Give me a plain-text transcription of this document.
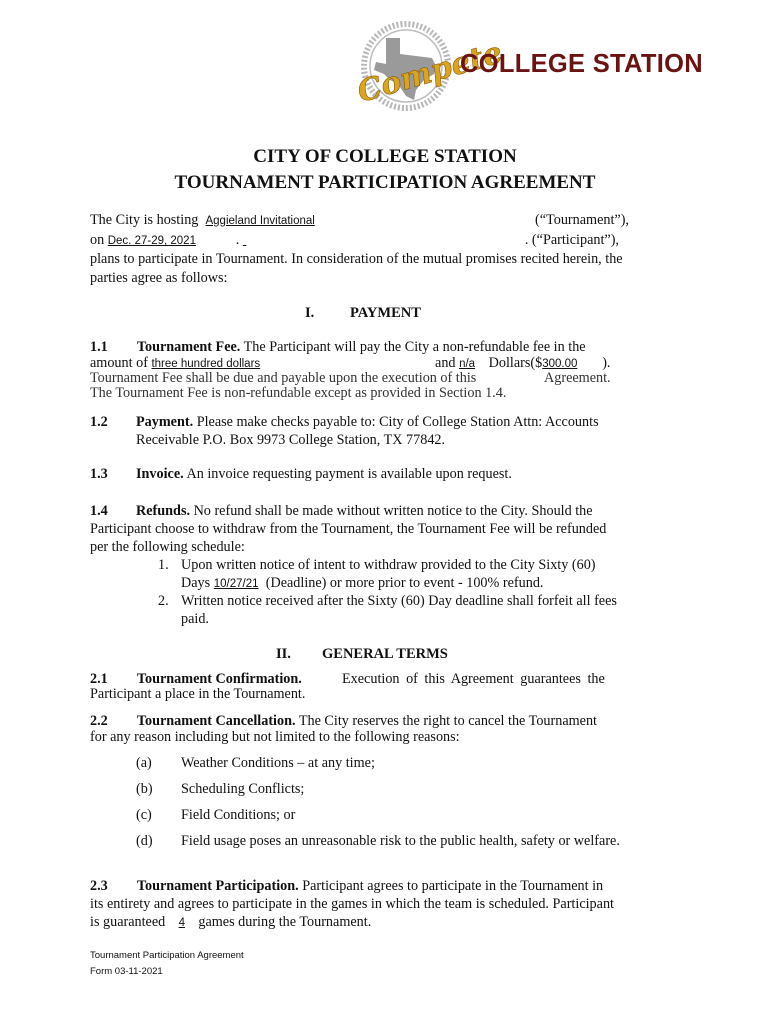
Compete
COLLEGE STATION
CITY OF COLLEGE STATION
TOURNAMENT PARTICIPATION AGREEMENT
The City is hosting Aggieland Invitational	(“Tournament”),
on Dec. 27-29, 2021	.	. (“Participant”),
plans to participate in Tournament. In consideration of the mutual promises recited herein, the
parties agree as follows:
I. PAYMENT
1.1 Tournament Fee. The Participant will pay the City a non-refundable fee in the
amount of three hundred dollars	and n/a Dollars($300.00 ).
Tournament Fee shall be due and payable upon the execution of this	Agreement.
The Tournament Fee is non-refundable except as provided in Section 1.4.
1.2 Payment. Please make checks payable to: City of College Station Attn: Accounts
Receivable P.O. Box 9973 College Station, TX 77842.
1.3 Invoice. An invoice requesting payment is available upon request.
1.4 Refunds. No refund shall be made without written notice to the City. Should the
Participant choose to withdraw from the Tournament, the Tournament Fee will be refunded
per the following schedule:
1. Upon written notice of intent to withdraw provided to the City Sixty (60)
Days 10/27/21 (Deadline) or more prior to event - 100% refund.
2. Written notice received after the Sixty (60) Day deadline shall forfeit all fees
paid.
II. GENERAL TERMS
2.1 Tournament Confirmation.	Execution of this Agreement guarantees the
Participant a place in the Tournament.
2.2 Tournament Cancellation. The City reserves the right to cancel the Tournament
for any reason including but not limited to the following reasons:
(a) Weather Conditions – at any time;
(b) Scheduling Conflicts;
(c) Field Conditions; or
(d) Field usage poses an unreasonable risk to the public health, safety or welfare.
2.3 Tournament Participation. Participant agrees to participate in the Tournament in
its entirety and agrees to participate in the games in which the team is scheduled. Participant
is guaranteed 4 games during the Tournament.
Tournament Participation Agreement
Form 03-11-2021
